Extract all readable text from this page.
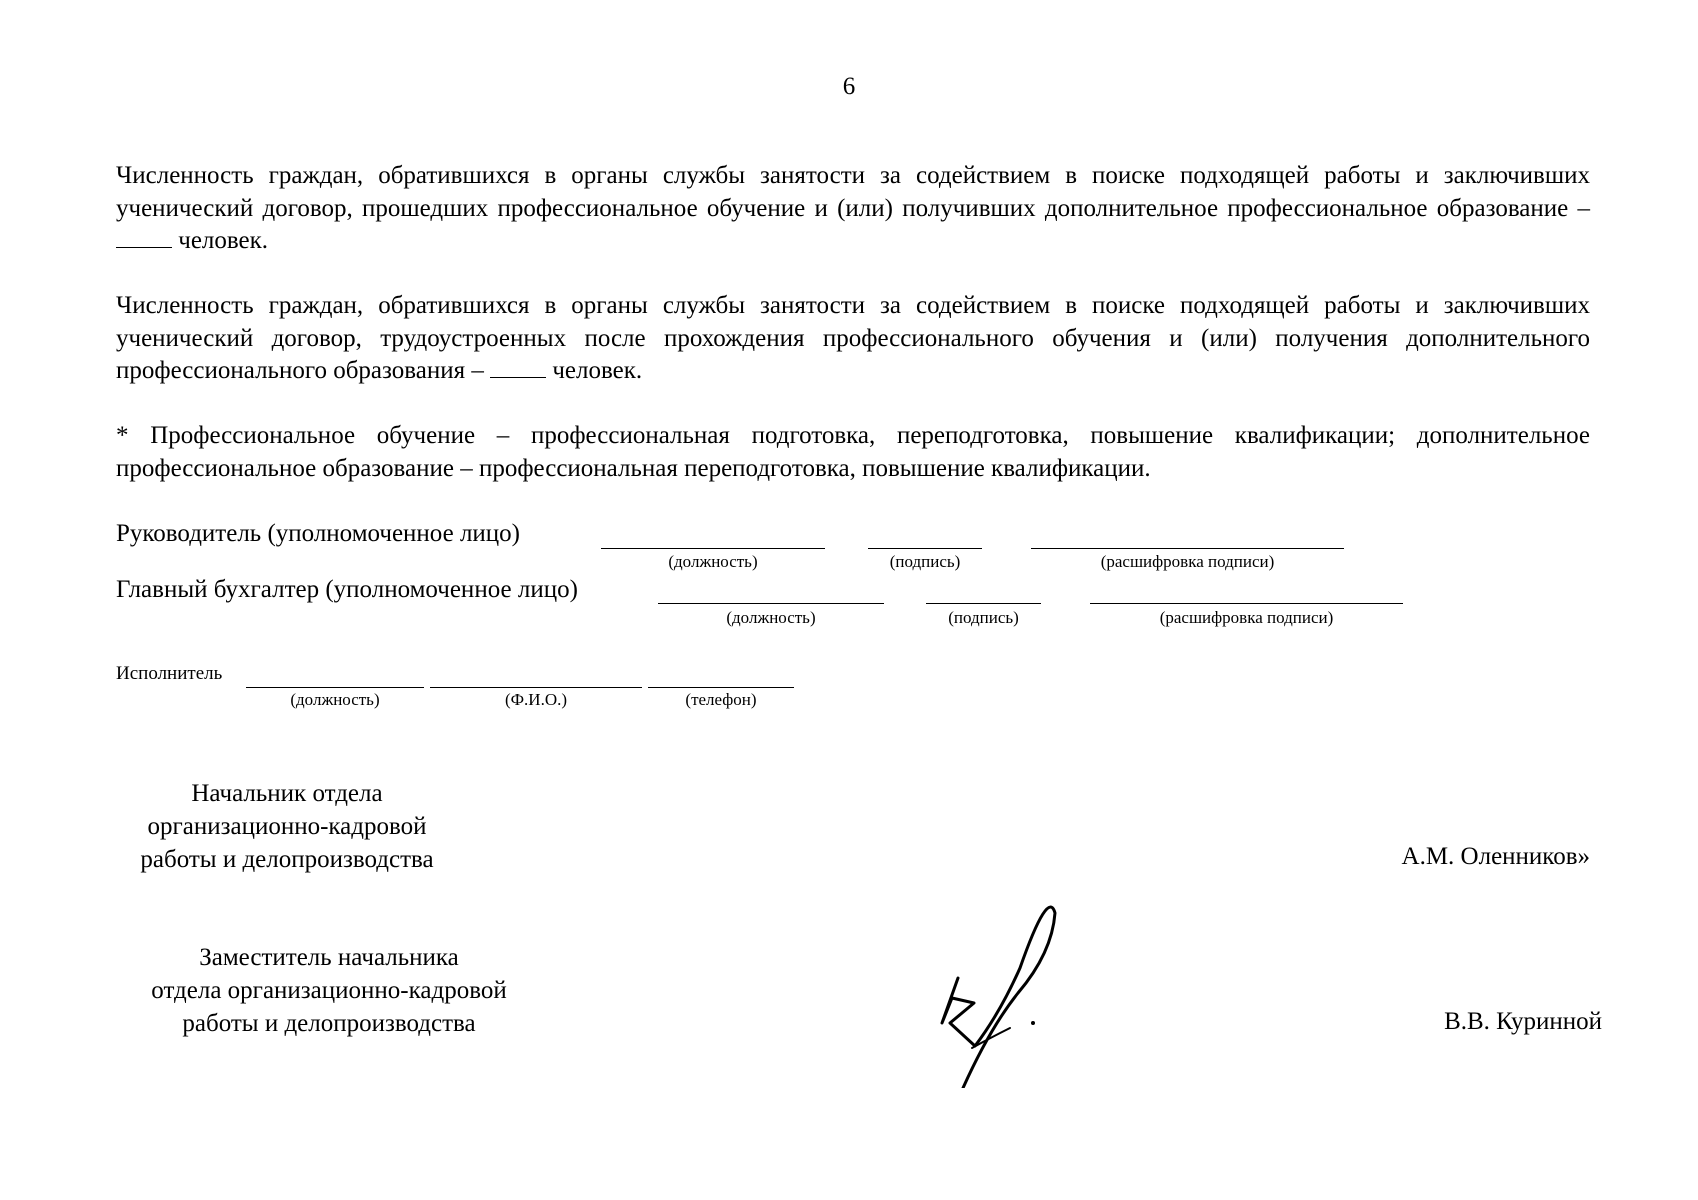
6

Численность граждан, обратившихся в органы службы занятости за содействием в поиске подходящей работы и заключивших ученический договор, прошедших профессиональное обучение и (или) получивших дополнительное профессиональное образование –  человек.

Численность граждан, обратившихся в органы службы занятости за содействием в поиске подходящей работы и заключивших ученический договор, трудоустроенных после прохождения профессионального обучения и (или) получения дополнительного профессионального образования –	человек.

* Профессиональное обучение – профессиональная подготовка, переподготовка, повышение квалификации; дополнительное профессиональное образование – профессиональная переподготовка, повышение квалификации.

Руководитель (уполномоченное лицо)
(должность)	(подпись)	(расшифровка подписи)
Главный бухгалтер (уполномоченное лицо)
(должность)	(подпись)	(расшифровка подписи)
Исполнитель
(должность)	(Ф.И.О.)	(телефон)
Начальник отдела
организационно-кадровой
работы и делопроизводства	А.М. Оленников»
Заместитель начальника
отдела организационно-кадровой
работы и делопроизводства	В.В. Куринной
